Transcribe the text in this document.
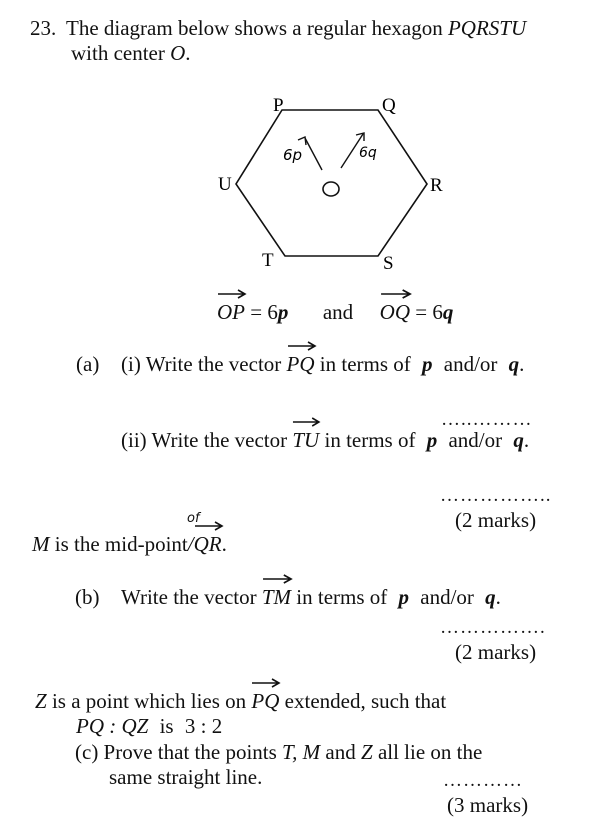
23. The diagram below shows a regular hexagon PQRSTU
with center O.
P	Q
R
S
T
U
6p	6q
OP = 6p and OQ = 6q
(a) (i) Write the vector PQ in terms of p and/or q.
…..………
(ii) Write the vector TU in terms of p and/or q.
……………..
(2 marks)
of
M is the mid-point/
QR.
(b) Write the vector TM in terms of p and/or q.
…………….
(2 marks)
Z is a point which lies on PQ extended, such that
PQ : QZ is 3 : 2
(c) Prove that the points T, M and Z all lie on the
same straight line.	…………
(3 marks)
